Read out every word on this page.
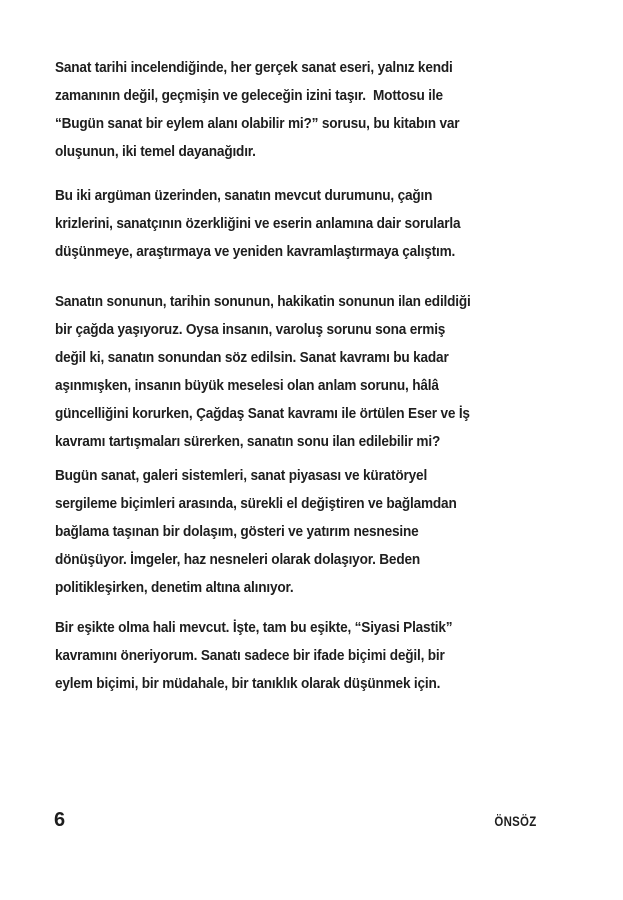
Sanat tarihi incelendiğinde, her gerçek sanat eseri, yalnız kendi
zamanının değil, geçmişin ve geleceğin izini taşır.  Mottosu ile
“Bugün sanat bir eylem alanı olabilir mi?” sorusu, bu kitabın var
oluşunun, iki temel dayanağıdır.
Bu iki argüman üzerinden, sanatın mevcut durumunu, çağın
krizlerini, sanatçının özerkliğini ve eserin anlamına dair sorularla
düşünmeye, araştırmaya ve yeniden kavramlaştırmaya çalıştım.
Sanatın sonunun, tarihin sonunun, hakikatin sonunun ilan edildiği
bir çağda yaşıyoruz. Oysa insanın, varoluş sorunu sona ermiş
değil ki, sanatın sonundan söz edilsin. Sanat kavramı bu kadar
aşınmışken, insanın büyük meselesi olan anlam sorunu, hâlâ
güncelliğini korurken, Çağdaş Sanat kavramı ile örtülen Eser ve İş
kavramı tartışmaları sürerken, sanatın sonu ilan edilebilir mi?
Bugün sanat, galeri sistemleri, sanat piyasası ve küratöryel
sergileme biçimleri arasında, sürekli el değiştiren ve bağlamdan
bağlama taşınan bir dolaşım, gösteri ve yatırım nesnesine
dönüşüyor. İmgeler, haz nesneleri olarak dolaşıyor. Beden
politikleşirken, denetim altına alınıyor.
Bir eşikte olma hali mevcut. İşte, tam bu eşikte, “Siyasi Plastik”
kavramını öneriyorum. Sanatı sadece bir ifade biçimi değil, bir
eylem biçimi, bir müdahale, bir tanıklık olarak düşünmek için.
6	ÖNSÖZ
